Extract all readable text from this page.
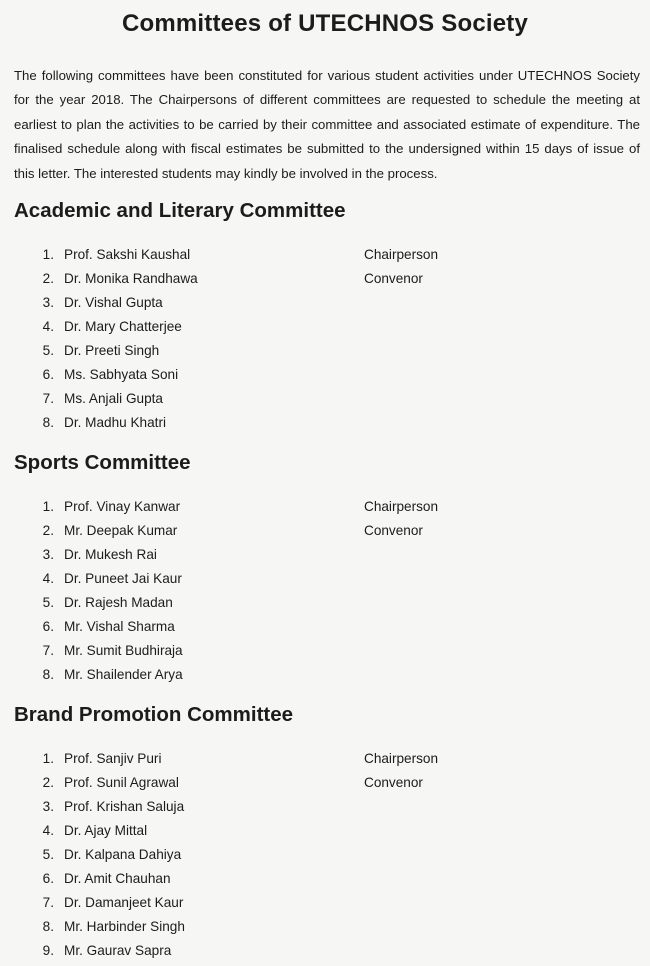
Committees of UTECHNOS Society
The following committees have been constituted for various student activities under UTECHNOS Society for the year 2018. The Chairpersons of different committees are requested to schedule the meeting at earliest to plan the activities to be carried by their committee and associated estimate of expenditure. The finalised schedule along with fiscal estimates be submitted to the undersigned within 15 days of issue of this letter. The interested students may kindly be involved in the process.
Academic and Literary Committee
1. Prof. Sakshi Kaushal	Chairperson
2. Dr. Monika Randhawa	Convenor
3. Dr. Vishal Gupta
4. Dr. Mary Chatterjee
5. Dr. Preeti Singh
6. Ms. Sabhyata Soni
7. Ms. Anjali Gupta
8. Dr. Madhu Khatri
Sports Committee
1. Prof. Vinay Kanwar	Chairperson
2. Mr. Deepak Kumar	Convenor
3. Dr. Mukesh Rai
4. Dr. Puneet Jai Kaur
5. Dr. Rajesh Madan
6. Mr. Vishal Sharma
7. Mr. Sumit Budhiraja
8. Mr. Shailender Arya
Brand Promotion Committee
1. Prof. Sanjiv Puri	Chairperson
2. Prof. Sunil Agrawal	Convenor
3. Prof. Krishan Saluja
4. Dr. Ajay Mittal
5. Dr. Kalpana Dahiya
6. Dr. Amit Chauhan
7. Dr. Damanjeet Kaur
8. Mr. Harbinder Singh
9. Mr. Gaurav Sapra
